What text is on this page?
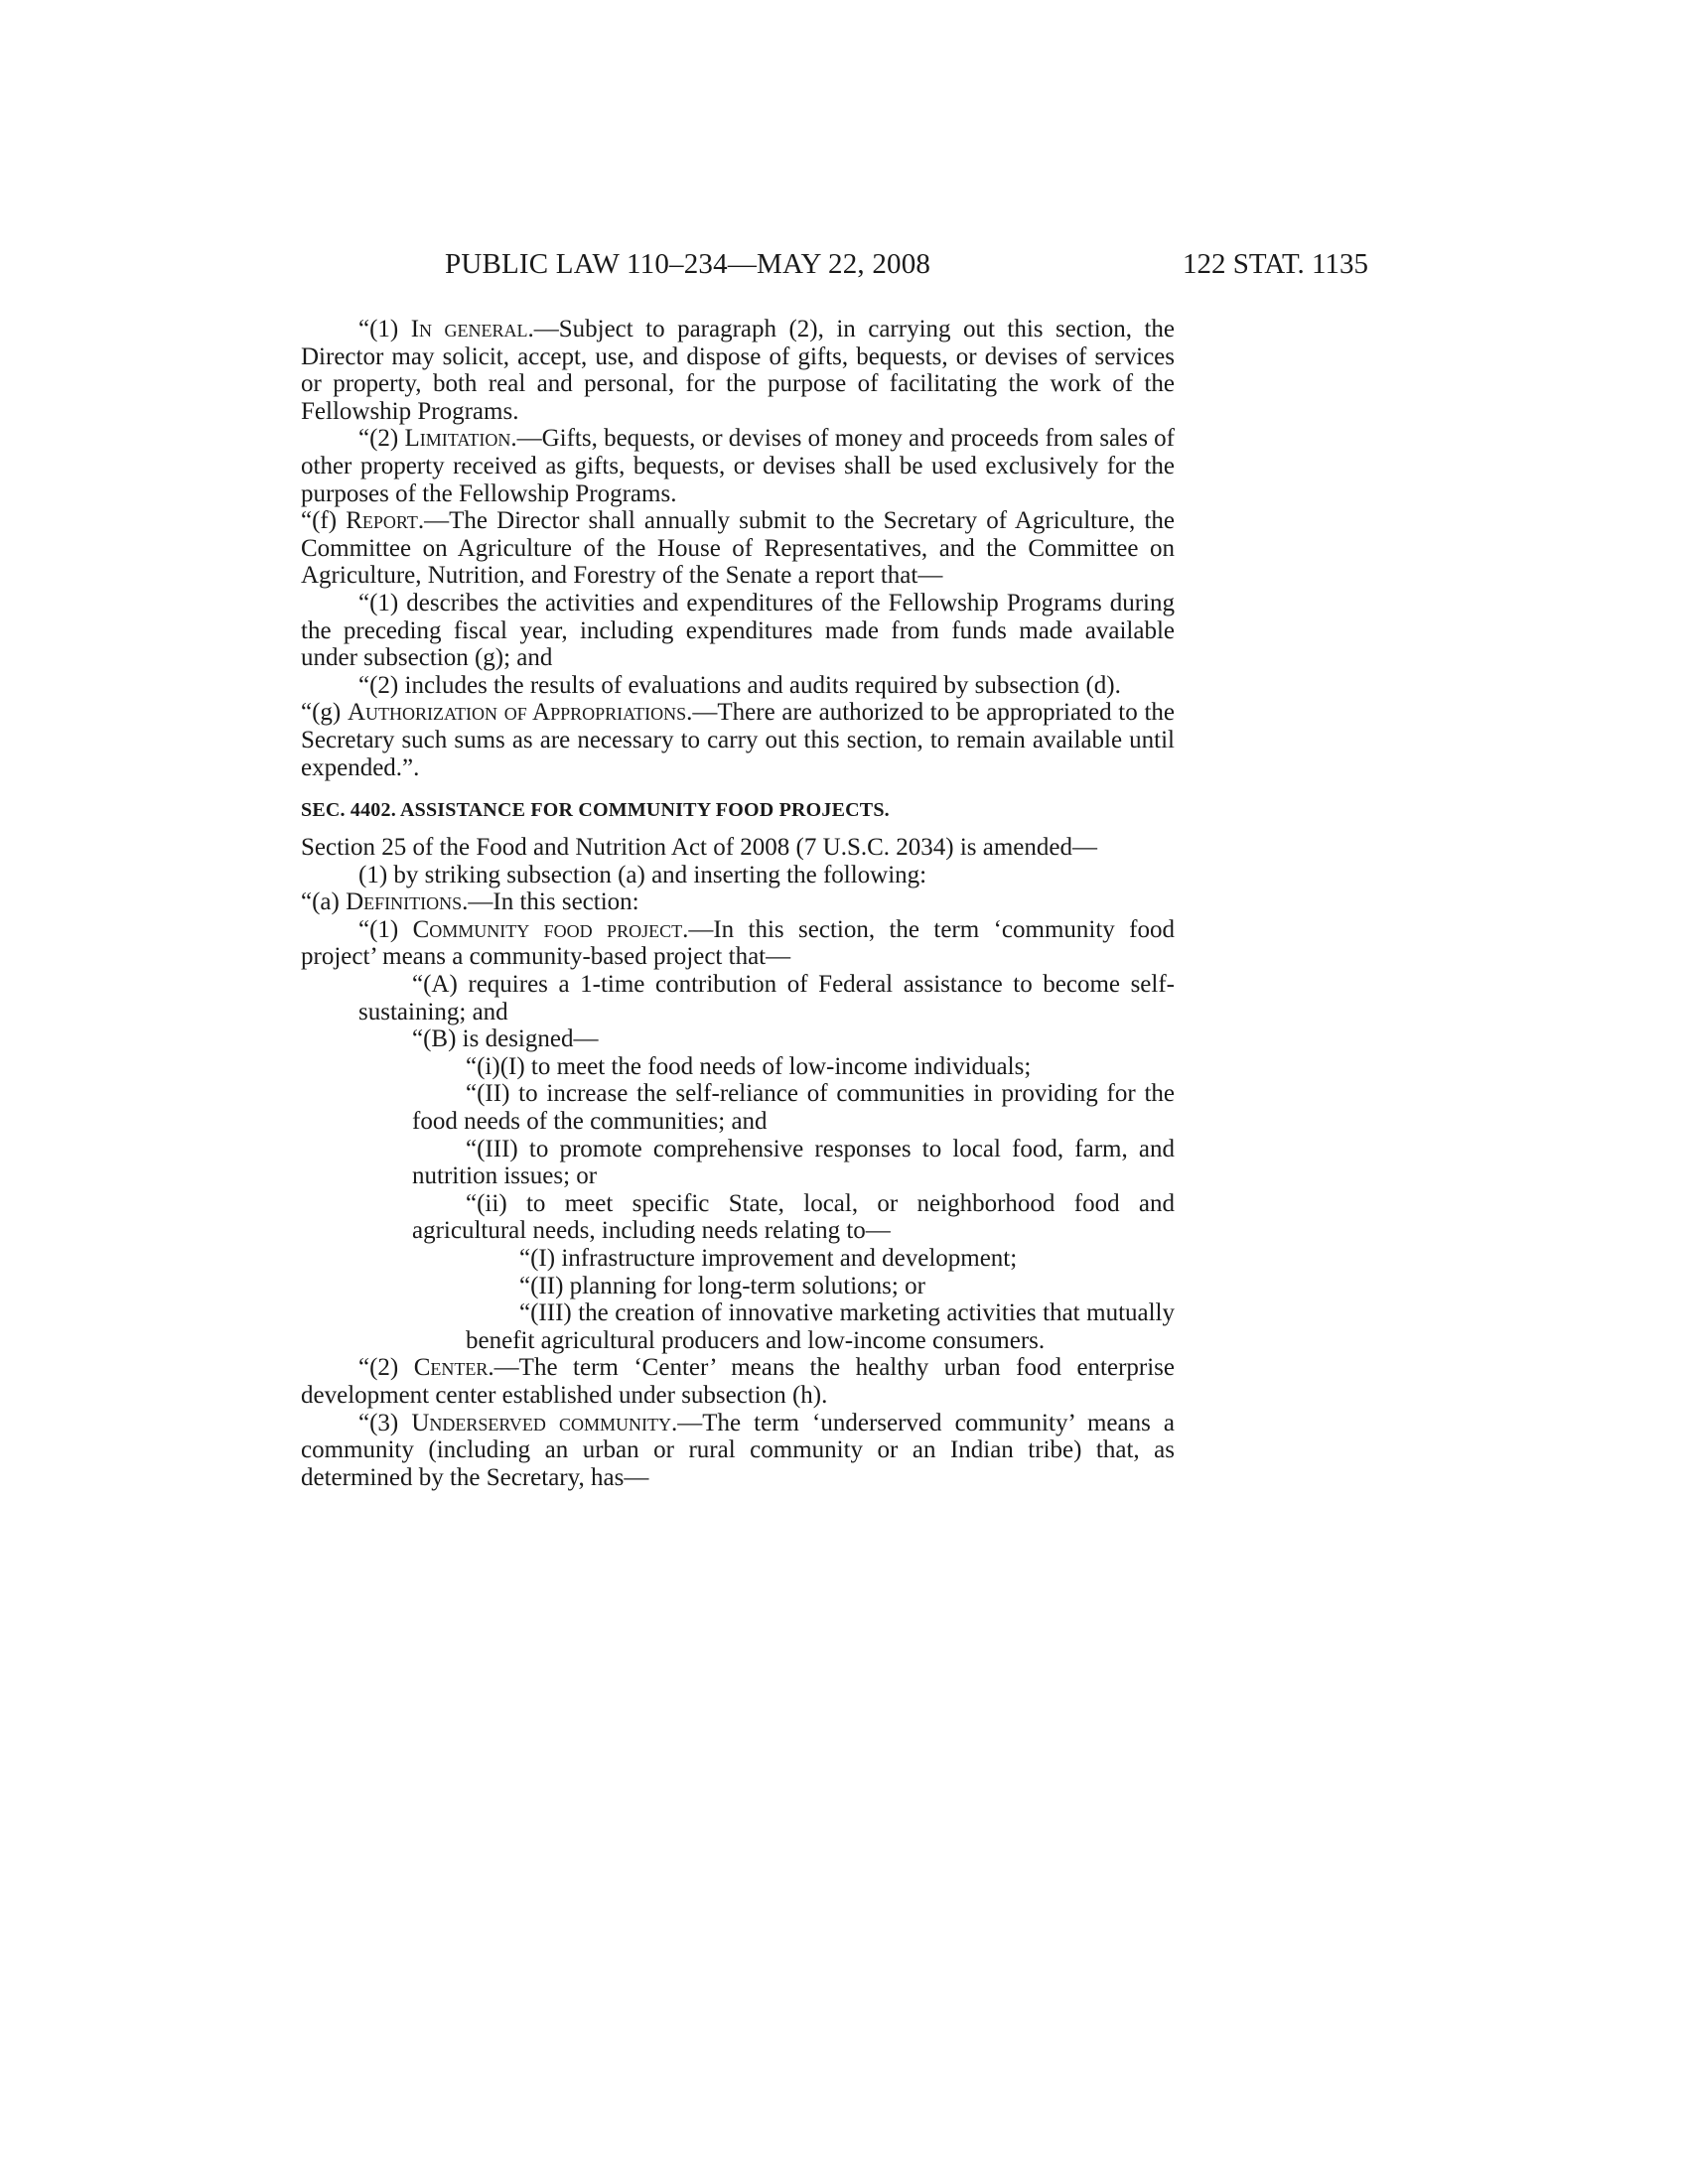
PUBLIC LAW 110–234—MAY 22, 2008	122 STAT. 1135

“(1) In general.—Subject to paragraph (2), in carrying out this section, the Director may solicit, accept, use, and dispose of gifts, bequests, or devises of services or property, both real and personal, for the purpose of facilitating the work of the Fellowship Programs.

“(2) Limitation.—Gifts, bequests, or devises of money and proceeds from sales of other property received as gifts, bequests, or devises shall be used exclusively for the purposes of the Fellowship Programs.

“(f) Report.—The Director shall annually submit to the Secretary of Agriculture, the Committee on Agriculture of the House of Representatives, and the Committee on Agriculture, Nutrition, and Forestry of the Senate a report that—

“(1) describes the activities and expenditures of the Fellowship Programs during the preceding fiscal year, including expenditures made from funds made available under subsection (g); and

“(2) includes the results of evaluations and audits required by subsection (d).

“(g) Authorization of Appropriations.—There are authorized to be appropriated to the Secretary such sums as are necessary to carry out this section, to remain available until expended.”.

SEC. 4402. ASSISTANCE FOR COMMUNITY FOOD PROJECTS.

Section 25 of the Food and Nutrition Act of 2008 (7 U.S.C. 2034) is amended—

(1) by striking subsection (a) and inserting the following:

“(a) Definitions.—In this section:

“(1) Community food project.—In this section, the term ‘community food project’ means a community-based project that—

“(A) requires a 1-time contribution of Federal assistance to become self-sustaining; and

“(B) is designed—

“(i)(I) to meet the food needs of low-income individuals;

“(II) to increase the self-reliance of communities in providing for the food needs of the communities; and

“(III) to promote comprehensive responses to local food, farm, and nutrition issues; or

“(ii) to meet specific State, local, or neighborhood food and agricultural needs, including needs relating to—

“(I) infrastructure improvement and development;

“(II) planning for long-term solutions; or

“(III) the creation of innovative marketing activities that mutually benefit agricultural producers and low-income consumers.

“(2) Center.—The term ‘Center’ means the healthy urban food enterprise development center established under subsection (h).

“(3) Underserved community.—The term ‘underserved community’ means a community (including an urban or rural community or an Indian tribe) that, as determined by the Secretary, has—
